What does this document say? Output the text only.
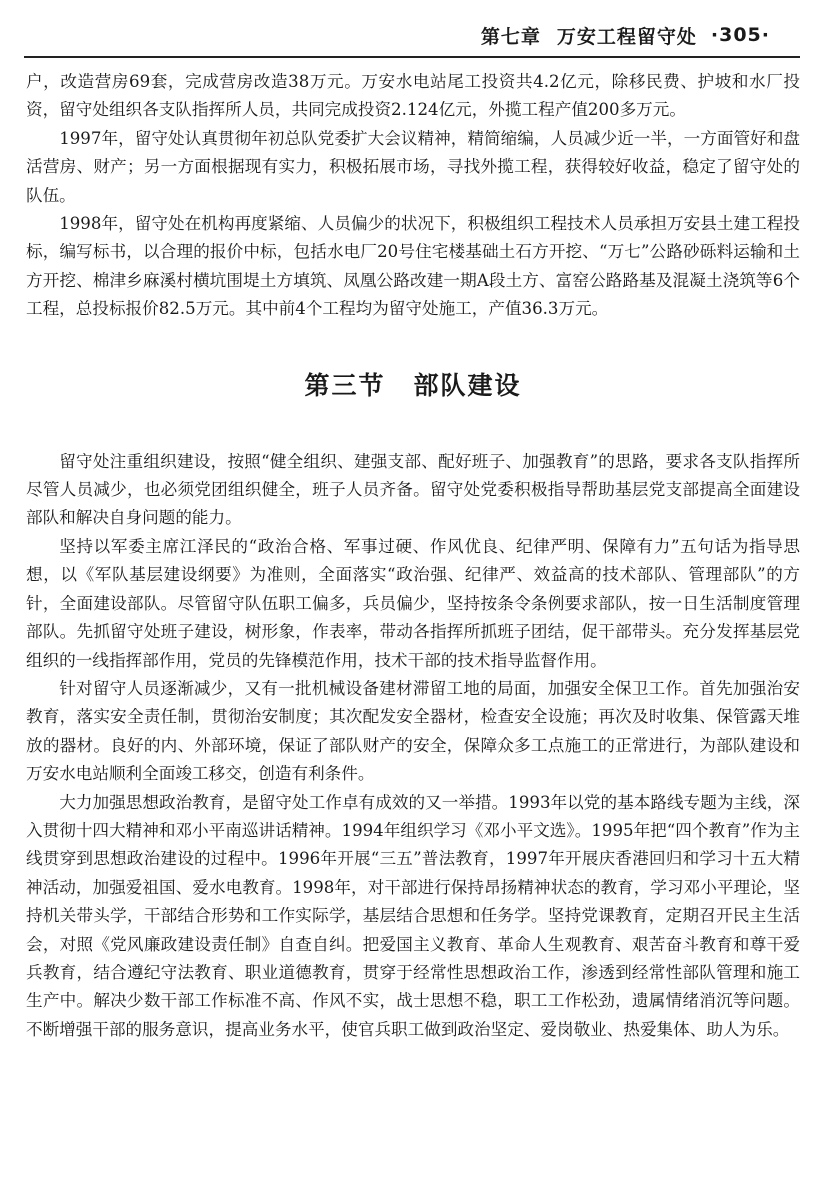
第七章 万安工程留守处 ·305·

户，改造营房69套，完成营房改造38万元。万安水电站尾工投资共4.2亿元，除移民费、护坡和水厂投资，留守处组织各支队指挥所人员，共同完成投资2.124亿元，外揽工程产值200多万元。

1997年，留守处认真贯彻年初总队党委扩大会议精神，精简缩编，人员减少近一半，一方面管好和盘活营房、财产；另一方面根据现有实力，积极拓展市场，寻找外揽工程，获得较好收益，稳定了留守处的队伍。

1998年，留守处在机构再度紧缩、人员偏少的状况下，积极组织工程技术人员承担万安县土建工程投标，编写标书，以合理的报价中标，包括水电厂20号住宅楼基础土石方开挖、“万七”公路砂砾料运输和土方开挖、棉津乡麻溪村横坑围堤土方填筑、凤凰公路改建一期A段土方、富窑公路路基及混凝土浇筑等6个工程，总投标报价82.5万元。其中前4个工程均为留守处施工，产值36.3万元。

第三节 部队建设

留守处注重组织建设，按照“健全组织、建强支部、配好班子、加强教育”的思路，要求各支队指挥所尽管人员减少，也必须党团组织健全，班子人员齐备。留守处党委积极指导帮助基层党支部提高全面建设部队和解决自身问题的能力。

坚持以军委主席江泽民的“政治合格、军事过硬、作风优良、纪律严明、保障有力”五句话为指导思想，以《军队基层建设纲要》为准则，全面落实“政治强、纪律严、效益高的技术部队、管理部队”的方针，全面建设部队。尽管留守队伍职工偏多，兵员偏少，坚持按条令条例要求部队，按一日生活制度管理部队。先抓留守处班子建设，树形象，作表率，带动各指挥所抓班子团结，促干部带头。充分发挥基层党组织的一线指挥部作用，党员的先锋模范作用，技术干部的技术指导监督作用。

针对留守人员逐渐减少，又有一批机械设备建材滞留工地的局面，加强安全保卫工作。首先加强治安教育，落实安全责任制，贯彻治安制度；其次配发安全器材，检查安全设施；再次及时收集、保管露天堆放的器材。良好的内、外部环境，保证了部队财产的安全，保障众多工点施工的正常进行，为部队建设和万安水电站顺利全面竣工移交，创造有利条件。

大力加强思想政治教育，是留守处工作卓有成效的又一举措。1993年以党的基本路线专题为主线，深入贯彻十四大精神和邓小平南巡讲话精神。1994年组织学习《邓小平文选》。1995年把“四个教育”作为主线贯穿到思想政治建设的过程中。1996年开展“三五”普法教育，1997年开展庆香港回归和学习十五大精神活动，加强爱祖国、爱水电教育。1998年，对干部进行保持昂扬精神状态的教育，学习邓小平理论，坚持机关带头学，干部结合形势和工作实际学，基层结合思想和任务学。坚持党课教育，定期召开民主生活会，对照《党风廉政建设责任制》自查自纠。把爱国主义教育、革命人生观教育、艰苦奋斗教育和尊干爱兵教育，结合遵纪守法教育、职业道德教育，贯穿于经常性思想政治工作，渗透到经常性部队管理和施工生产中。解决少数干部工作标准不高、作风不实，战士思想不稳，职工工作松劲，遗属情绪消沉等问题。不断增强干部的服务意识，提高业务水平，使官兵职工做到政治坚定、爱岗敬业、热爱集体、助人为乐。
